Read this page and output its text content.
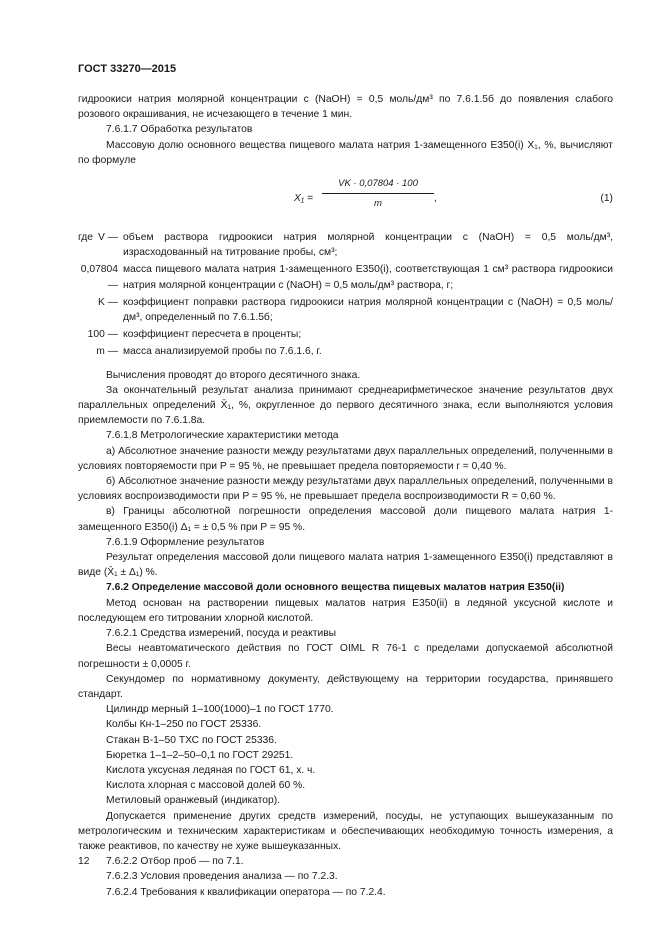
ГОСТ 33270—2015

гидроокиси натрия молярной концентрации c (NaOH) = 0,5 моль/дм³ по 7.6.1.5б до появления слабого розового окрашивания, не исчезающего в течение 1 мин.

7.6.1.7 Обработка результатов

Массовую долю основного вещества пищевого малата натрия 1-замещенного Е350(i) X₁, %, вычисляют по формуле

$X_1 = \frac{VK \cdot 0,07804 \cdot 100}{m}$ ,	(1)
где V — объем раствора гидроокиси натрия молярной концентрации c (NaOH) = 0,5 моль/дм³, израсходованный на титрование пробы, см³;
0,07804 —
масса пищевого малата натрия 1-замещенного Е350(i), соответствующая 1 см³ раствора гидроокиси натрия молярной концентрации c (NaOH) = 0,5 моль/дм³ раствора, г;
K — коэффициент поправки раствора гидроокиси натрия молярной концентрации c (NaOH) = 0,5 моль/дм³, определенный по 7.6.1.5б;
100 — коэффициент пересчета в проценты;
m — масса анализируемой пробы по 7.6.1.6, г.

Вычисления проводят до второго десятичного знака.

За окончательный результат анализа принимают среднеарифметическое значение результатов двух параллельных определений X̄₁, %, округленное до первого десятичного знака, если выполняются условия приемлемости по 7.6.1.8а.

7.6.1.8 Метрологические характеристики метода

а) Абсолютное значение разности между результатами двух параллельных определений, полученными в условиях повторяемости при P = 95 %, не превышает предела повторяемости r = 0,40 %.

б) Абсолютное значение разности между результатами двух параллельных определений, полученными в условиях воспроизводимости при P = 95 %, не превышает предела воспроизводимости R = 0,60 %.

в) Границы абсолютной погрешности определения массовой доли пищевого малата натрия 1-замещенного Е350(i) Δ₁ = ± 0,5 % при P = 95 %.

7.6.1.9 Оформление результатов

Результат определения массовой доли пищевого малата натрия 1-замещенного Е350(i) представляют в виде (X̄₁ ± Δ₁) %.

7.6.2 Определение массовой доли основного вещества пищевых малатов натрия Е350(ii)

Метод основан на растворении пищевых малатов натрия Е350(ii) в ледяной уксусной кислоте и последующем его титровании хлорной кислотой.

7.6.2.1 Средства измерений, посуда и реактивы

Весы неавтоматического действия по ГОСТ OIML R 76-1 с пределами допускаемой абсолютной погрешности ± 0,0005 г.

Секундомер по нормативному документу, действующему на территории государства, принявшего стандарт.

Цилиндр мерный 1–100(1000)–1 по ГОСТ 1770.

Колбы Кн-1–250 по ГОСТ 25336.

Стакан В-1–50 ТХС по ГОСТ 25336.

Бюретка 1–1–2–50–0,1 по ГОСТ 29251.

Кислота уксусная ледяная по ГОСТ 61, х. ч.

Кислота хлорная с массовой долей 60 %.

Метиловый оранжевый (индикатор).

Допускается применение других средств измерений, посуды, не уступающих вышеуказанным по метрологическим и техническим характеристикам и обеспечивающих необходимую точность измерения, а также реактивов, по качеству не хуже вышеуказанных.

7.6.2.2 Отбор проб — по 7.1.

7.6.2.3 Условия проведения анализа — по 7.2.3.

7.6.2.4 Требования к квалификации оператора — по 7.2.4.

12
